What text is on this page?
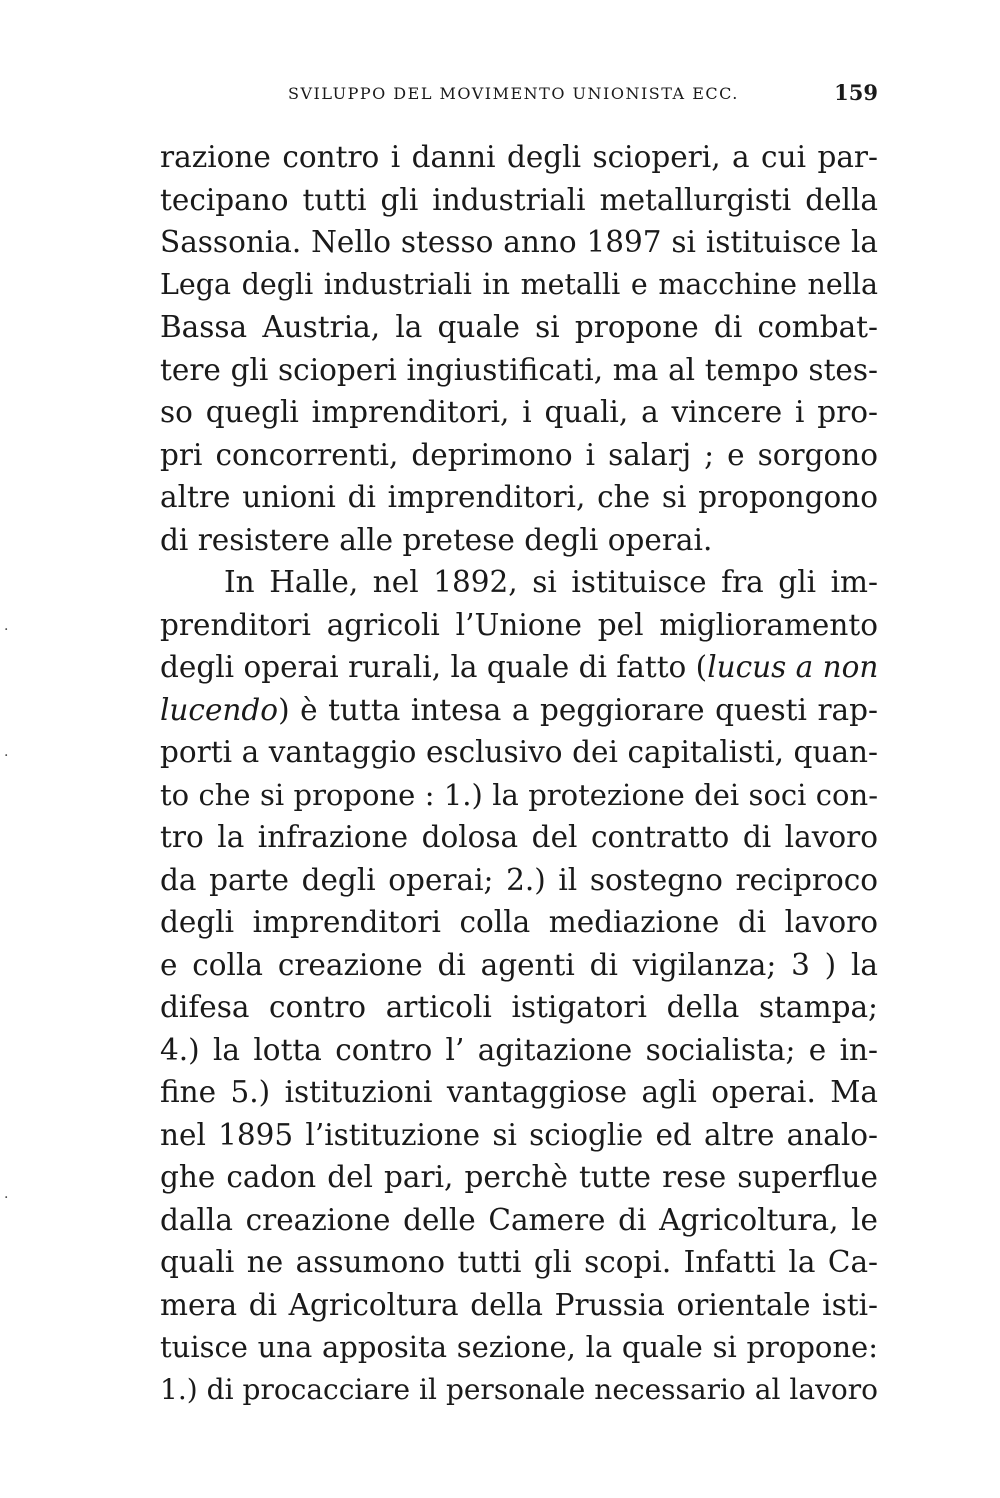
SVILUPPO DEL MOVIMENTO UNIONISTA ECC.	159
razione contro i danni degli scioperi, a cui par-
tecipano tutti gli industriali metallurgisti della
Sassonia. Nello stesso anno 1897 si istituisce la
Lega degli industriali in metalli e macchine nella
Bassa Austria, la quale si propone di combat-
tere gli scioperi ingiustificati, ma al tempo stes-
so quegli imprenditori, i quali, a vincere i pro-
pri concorrenti, deprimono i salarj ; e sorgono
altre unioni di imprenditori, che si propongono
di resistere alle pretese degli operai.
In Halle, nel 1892, si istituisce fra gli im-
prenditori agricoli l’Unione pel miglioramento
degli operai rurali, la quale di fatto (lucus a non
lucendo) è tutta intesa a peggiorare questi rap-
porti a vantaggio esclusivo dei capitalisti, quan-
to che si propone : 1.) la protezione dei soci con-
tro la infrazione dolosa del contratto di lavoro
da parte degli operai; 2.) il sostegno reciproco
degli imprenditori colla mediazione di lavoro
e colla creazione di agenti di vigilanza; 3 ) la
difesa contro articoli istigatori della stampa;
4.) la lotta contro l’ agitazione socialista; e in-
fine 5.) istituzioni vantaggiose agli operai. Ma
nel 1895 l’istituzione si scioglie ed altre analo-
ghe cadon del pari, perchè tutte rese superflue
dalla creazione delle Camere di Agricoltura, le
quali ne assumono tutti gli scopi. Infatti la Ca-
mera di Agricoltura della Prussia orientale isti-
tuisce una apposita sezione, la quale si propone:
1.) di procacciare il personale necessario al lavoro
·
·
·
